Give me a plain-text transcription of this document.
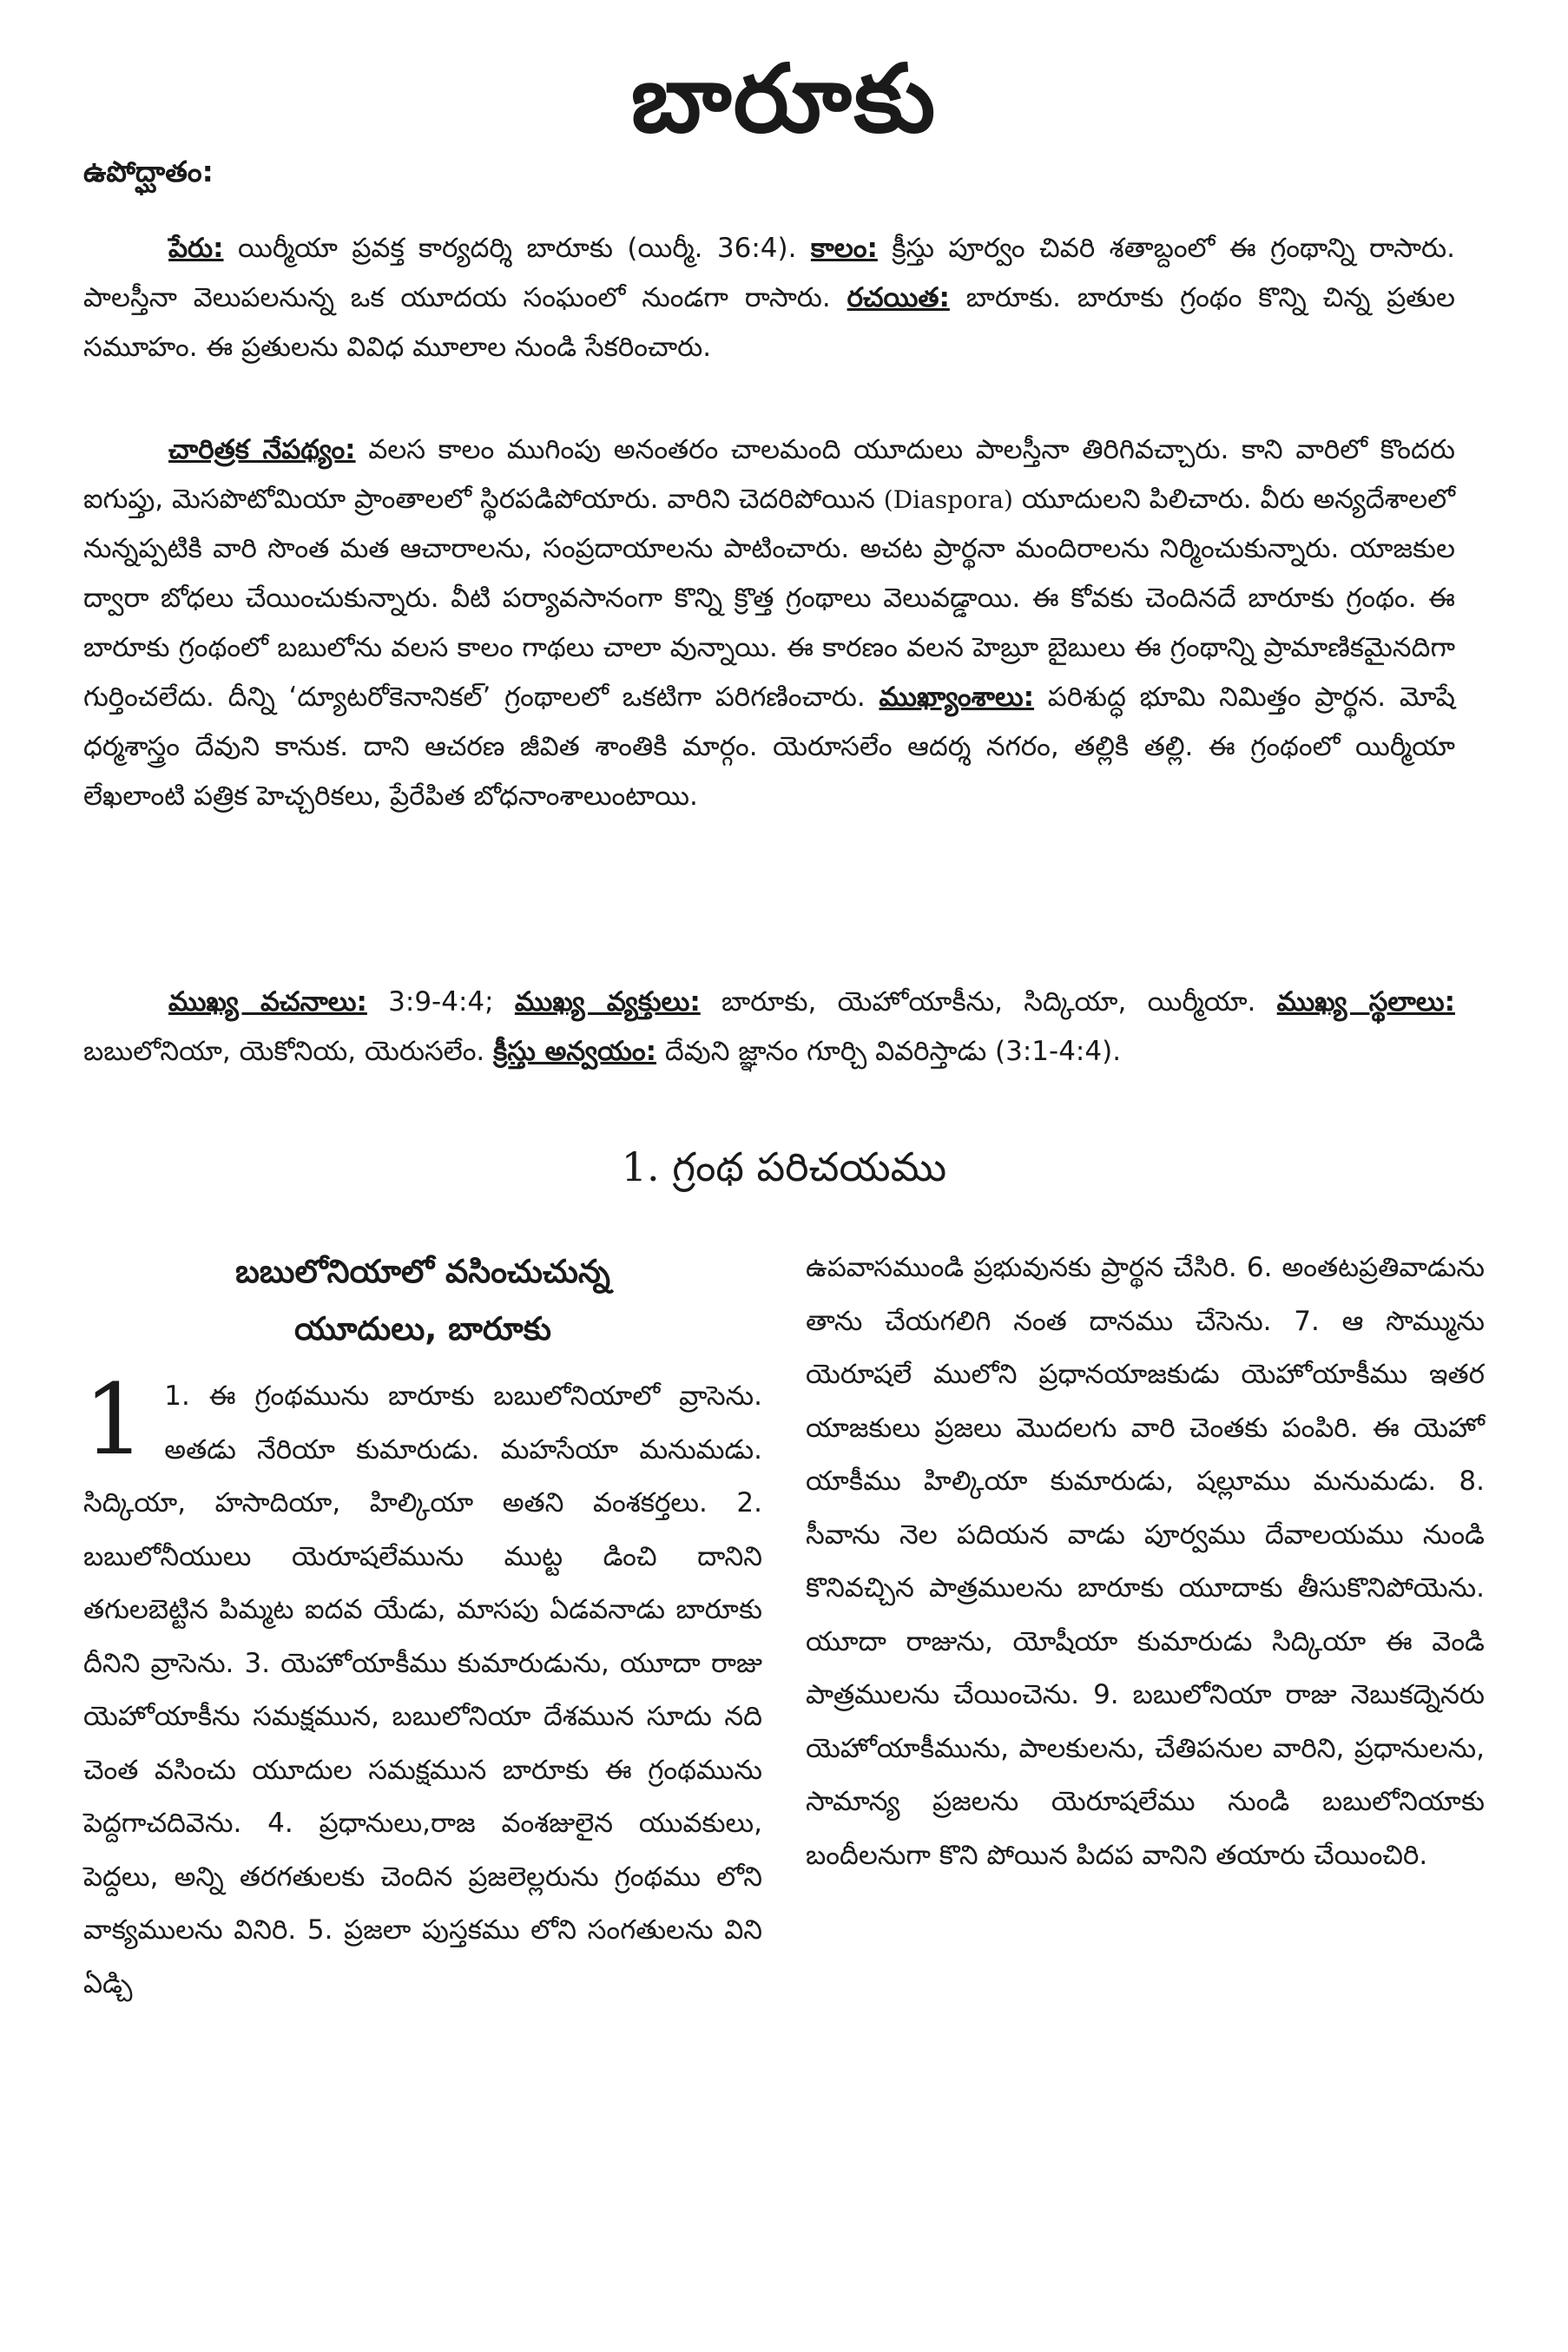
బారూకు
ఉపోద్ఘాతం:
పేరు: యిర్మీయా ప్రవక్త కార్యదర్శి బారూకు (యిర్మీ. 36:4). కాలం: క్రీస్తు పూర్వం చివరి శతాబ్దంలో ఈ గ్రంథాన్ని రాసారు. పాలస్తీనా వెలుపలనున్న ఒక యూదయ సంఘంలో నుండగా రాసారు. రచయిత: బారూకు. బారూకు గ్రంథం కొన్ని చిన్న ప్రతుల సమూహం. ఈ ప్రతులను వివిధ మూలాల నుండి సేకరించారు.
చారిత్రక నేపథ్యం: వలస కాలం ముగింపు అనంతరం చాలమంది యూదులు పాలస్తీనా తిరిగివచ్చారు. కాని వారిలో కొందరు ఐగుప్తు, మెసపొటోమియా ప్రాంతాలలో స్థిరపడిపోయారు. వారిని చెదరిపోయిన (Diaspora) యూదులని పిలిచారు. వీరు అన్యదేశాలలో నున్నప్పటికి వారి సొంత మత ఆచారాలను, సంప్రదాయాలను పాటించారు. అచట ప్రార్థనా మందిరాలను నిర్మించుకున్నారు. యాజకుల ద్వారా బోధలు చేయించుకున్నారు. వీటి పర్యావసానంగా కొన్ని క్రొత్త గ్రంథాలు వెలువడ్డాయి. ఈ కోవకు చెందినదే బారూకు గ్రంథం. ఈ బారూకు గ్రంథంలో బబులోను వలస కాలం గాథలు చాలా వున్నాయి. ఈ కారణం వలన హెబ్రూ బైబులు ఈ గ్రంథాన్ని ప్రామాణికమైనదిగా గుర్తించలేదు. దీన్ని ‘ద్యూటరోకెనానికల్’ గ్రంథాలలో ఒకటిగా పరిగణించారు. ముఖ్యాంశాలు: పరిశుద్ధ భూమి నిమిత్తం ప్రార్థన. మోషే ధర్మశాస్త్రం దేవుని కానుక. దాని ఆచరణ జీవిత శాంతికి మార్గం. యెరూసలేం ఆదర్శ నగరం, తల్లికి తల్లి. ఈ గ్రంథంలో యిర్మీయా లేఖలాంటి పత్రిక హెచ్చరికలు, ప్రేరేపిత బోధనాంశాలుంటాయి.
ముఖ్య వచనాలు: 3:9-4:4; ముఖ్య వ్యక్తులు: బారూకు, యెహోయాకీను, సిద్కియా, యిర్మీయా. ముఖ్య స్థలాలు: బబులోనియా, యెకోనియ, యెరుసలేం. క్రీస్తు అన్వయం: దేవుని జ్ఞానం గూర్చి వివరిస్తాడు (3:1-4:4).
1. గ్రంథ పరిచయము
బబులోనియాలో వసించుచున్న
యూదులు, బారూకు
1 1. ఈ గ్రంథమును బారూకు బబులోనియాలో వ్రాసెను. అతడు నేరియా కుమారుడు. మహసేయా మనుమడు. సిద్కియా, హసాదియా, హిల్కియా అతని వంశకర్తలు. 2. బబులోనీయులు యెరూషలేమును ముట్ట డించి దానిని తగులబెట్టిన పిమ్మట ఐదవ యేడు, మాసపు ఏడవనాడు బారూకు దీనిని వ్రాసెను. 3. యెహోయాకీము కుమారుడును, యూదా రాజు యెహోయాకీను సమక్షమున, బబులోనియా దేశమున సూదు నది చెంత వసించు యూదుల సమక్షమున బారూకు ఈ గ్రంథమును పెద్దగాచదివెను. 4. ప్రధానులు,రాజ వంశజులైన యువకులు, పెద్దలు, అన్ని తరగతులకు చెందిన ప్రజలెల్లరును గ్రంథము లోని వాక్యములను వినిరి. 5. ప్రజలా పుస్తకము లోని సంగతులను విని ఏడ్చి
ఉపవాసముండి ప్రభువునకు ప్రార్థన చేసిరి. 6. అంతటప్రతివాడును తాను చేయగలిగి నంత దానము చేసెను. 7. ఆ సొమ్మును యెరూషలే ములోని ప్రధానయాజకుడు యెహోయాకీము ఇతర యాజకులు ప్రజలు మొదలగు వారి చెంతకు పంపిరి. ఈ యెహో యాకీము హిల్కియా కుమారుడు, షల్లూము మనుమడు. 8. సీవాను నెల పదియన వాడు పూర్వము దేవాలయము నుండి కొనివచ్చిన పాత్రములను బారూకు యూదాకు తీసుకొనిపోయెను. యూదా రాజును, యోషీయా కుమారుడు సిద్కియా ఈ వెండి పాత్రములను చేయించెను. 9. బబులోనియా రాజు నెబుకద్నెనరు యెహోయాకీమును, పాలకులను, చేతిపనుల వారిని, ప్రధానులను, సామాన్య ప్రజలను యెరూషలేము నుండి బబులోనియాకు బందీలనుగా కొని పోయిన పిదప వానిని తయారు చేయించిరి.
